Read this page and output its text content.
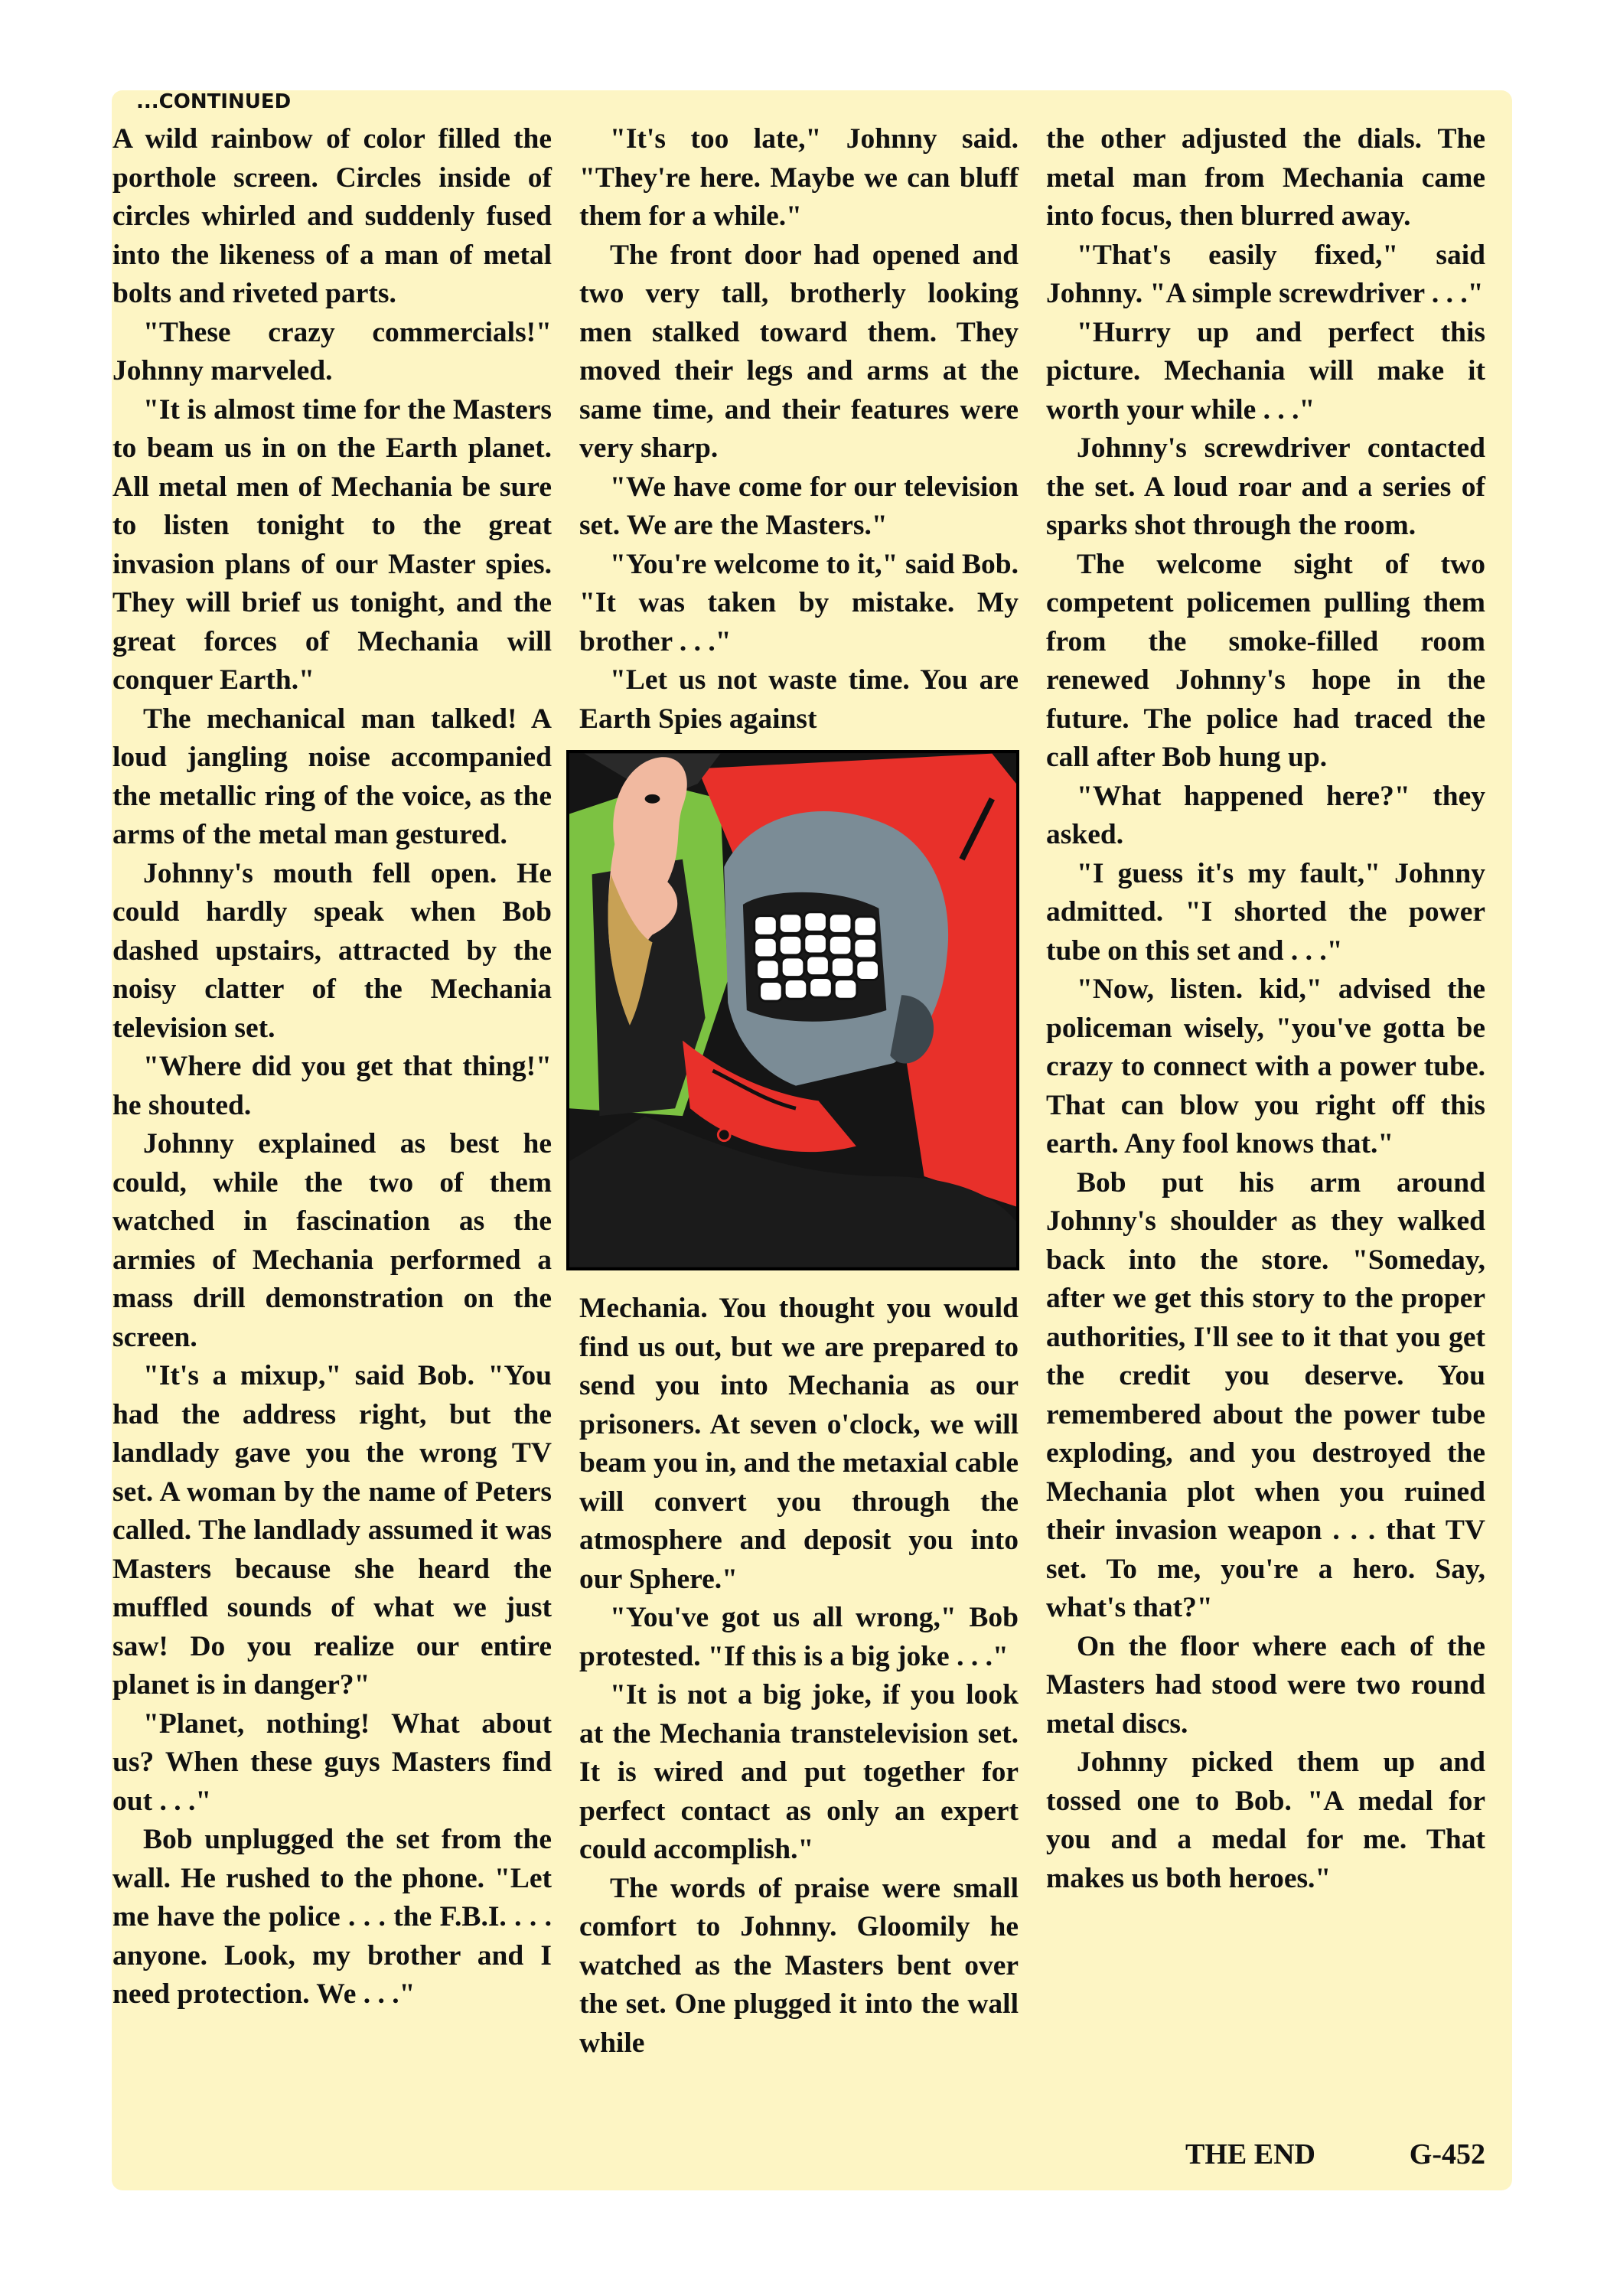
...CONTINUED

A wild rainbow of color filled the porthole screen. Circles inside of circles whirled and suddenly fused into the likeness of a man of metal bolts and riveted parts.

"These crazy commercials!" Johnny marveled.

"It is almost time for the Masters to beam us in on the Earth planet. All metal men of Mechania be sure to listen tonight to the great invasion plans of our Master spies. They will brief us tonight, and the great forces of Mechania will conquer Earth."

The mechanical man talked! A loud jangling noise accompanied the metallic ring of the voice, as the arms of the metal man gestured.

Johnny's mouth fell open. He could hardly speak when Bob dashed upstairs, attracted by the noisy clatter of the Mechania television set.

"Where did you get that thing!" he shouted.

Johnny explained as best he could, while the two of them watched in fascination as the armies of Mechania performed a mass drill demonstration on the screen.

"It's a mixup," said Bob. "You had the address right, but the landlady gave you the wrong TV set. A woman by the name of Peters called. The landlady assumed it was Masters because she heard the muffled sounds of what we just saw! Do you realize our entire planet is in danger?"

"Planet, nothing! What about us? When these guys Masters find out . . ."

Bob unplugged the set from the wall. He rushed to the phone. "Let me have the police . . . the F.B.I. . . . anyone. Look, my brother and I need protection. We . . ."

"It's too late," Johnny said. "They're here. Maybe we can bluff them for a while."

The front door had opened and two very tall, brotherly looking men stalked toward them. They moved their legs and arms at the same time, and their features were very sharp.

"We have come for our television set. We are the Masters."

"You're welcome to it," said Bob. "It was taken by mistake. My brother . . ."

"Let us not waste time. You are Earth Spies against

Mechania. You thought you would find us out, but we are prepared to send you into Mechania as our prisoners. At seven o'clock, we will beam you in, and the metaxial cable will convert you through the atmosphere and deposit you into our Sphere."

"You've got us all wrong," Bob protested. "If this is a big joke . . ."

"It is not a big joke, if you look at the Mechania transtelevision set. It is wired and put together for perfect contact as only an expert could accomplish."

The words of praise were small comfort to Johnny. Gloomily he watched as the Masters bent over the set. One plugged it into the wall while

the other adjusted the dials. The metal man from Mechania came into focus, then blurred away.

"That's easily fixed," said Johnny. "A simple screwdriver . . ."

"Hurry up and perfect this picture. Mechania will make it worth your while . . ."

Johnny's screwdriver contacted the set. A loud roar and a series of sparks shot through the room.

The welcome sight of two competent policemen pulling them from the smoke-filled room renewed Johnny's hope in the future. The police had traced the call after Bob hung up.

"What happened here?" they asked.

"I guess it's my fault," Johnny admitted. "I shorted the power tube on this set and . . ."

"Now, listen. kid," advised the policeman wisely, "you've gotta be crazy to connect with a power tube. That can blow you right off this earth. Any fool knows that."

Bob put his arm around Johnny's shoulder as they walked back into the store. "Someday, after we get this story to the proper authorities, I'll see to it that you get the credit you deserve. You remembered about the power tube exploding, and you destroyed the Mechania plot when you ruined their invasion weapon . . . that TV set. To me, you're a hero. Say, what's that?"

On the floor where each of the Masters had stood were two round metal discs.

Johnny picked them up and tossed one to Bob. "A medal for you and a medal for me. That makes us both heroes."

THE END	G-452
